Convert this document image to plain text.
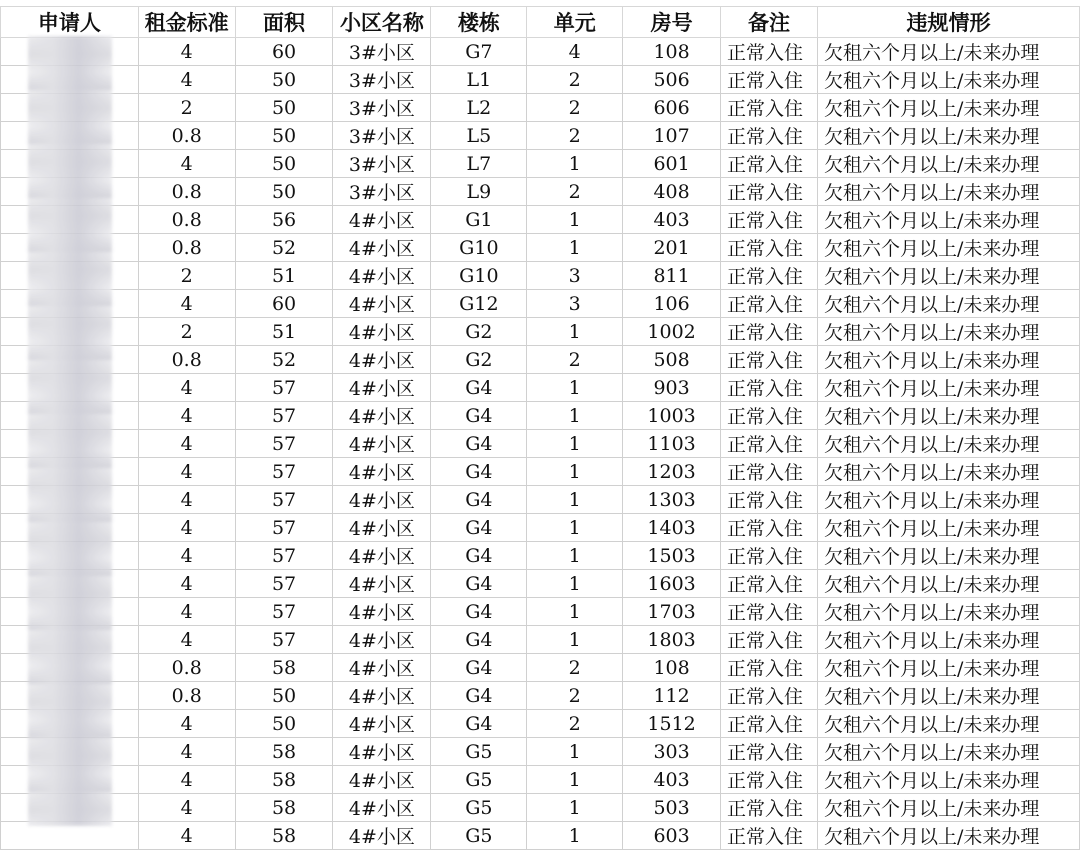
申请人	租金标准	面积	小区名称	楼栋	单元	房号	备注	违规情形
	4	60	3#小区	G7	4	108	正常入住	欠租六个月以上/未来办理
	4	50	3#小区	L1	2	506	正常入住	欠租六个月以上/未来办理
	2	50	3#小区	L2	2	606	正常入住	欠租六个月以上/未来办理
	0.8	50	3#小区	L5	2	107	正常入住	欠租六个月以上/未来办理
	4	50	3#小区	L7	1	601	正常入住	欠租六个月以上/未来办理
	0.8	50	3#小区	L9	2	408	正常入住	欠租六个月以上/未来办理
	0.8	56	4#小区	G1	1	403	正常入住	欠租六个月以上/未来办理
	0.8	52	4#小区	G10	1	201	正常入住	欠租六个月以上/未来办理
	2	51	4#小区	G10	3	811	正常入住	欠租六个月以上/未来办理
	4	60	4#小区	G12	3	106	正常入住	欠租六个月以上/未来办理
	2	51	4#小区	G2	1	1002	正常入住	欠租六个月以上/未来办理
	0.8	52	4#小区	G2	2	508	正常入住	欠租六个月以上/未来办理
	4	57	4#小区	G4	1	903	正常入住	欠租六个月以上/未来办理
	4	57	4#小区	G4	1	1003	正常入住	欠租六个月以上/未来办理
	4	57	4#小区	G4	1	1103	正常入住	欠租六个月以上/未来办理
	4	57	4#小区	G4	1	1203	正常入住	欠租六个月以上/未来办理
	4	57	4#小区	G4	1	1303	正常入住	欠租六个月以上/未来办理
	4	57	4#小区	G4	1	1403	正常入住	欠租六个月以上/未来办理
	4	57	4#小区	G4	1	1503	正常入住	欠租六个月以上/未来办理
	4	57	4#小区	G4	1	1603	正常入住	欠租六个月以上/未来办理
	4	57	4#小区	G4	1	1703	正常入住	欠租六个月以上/未来办理
	4	57	4#小区	G4	1	1803	正常入住	欠租六个月以上/未来办理
	0.8	58	4#小区	G4	2	108	正常入住	欠租六个月以上/未来办理
	0.8	50	4#小区	G4	2	112	正常入住	欠租六个月以上/未来办理
	4	50	4#小区	G4	2	1512	正常入住	欠租六个月以上/未来办理
	4	58	4#小区	G5	1	303	正常入住	欠租六个月以上/未来办理
	4	58	4#小区	G5	1	403	正常入住	欠租六个月以上/未来办理
	4	58	4#小区	G5	1	503	正常入住	欠租六个月以上/未来办理
	4	58	4#小区	G5	1	603	正常入住	欠租六个月以上/未来办理
